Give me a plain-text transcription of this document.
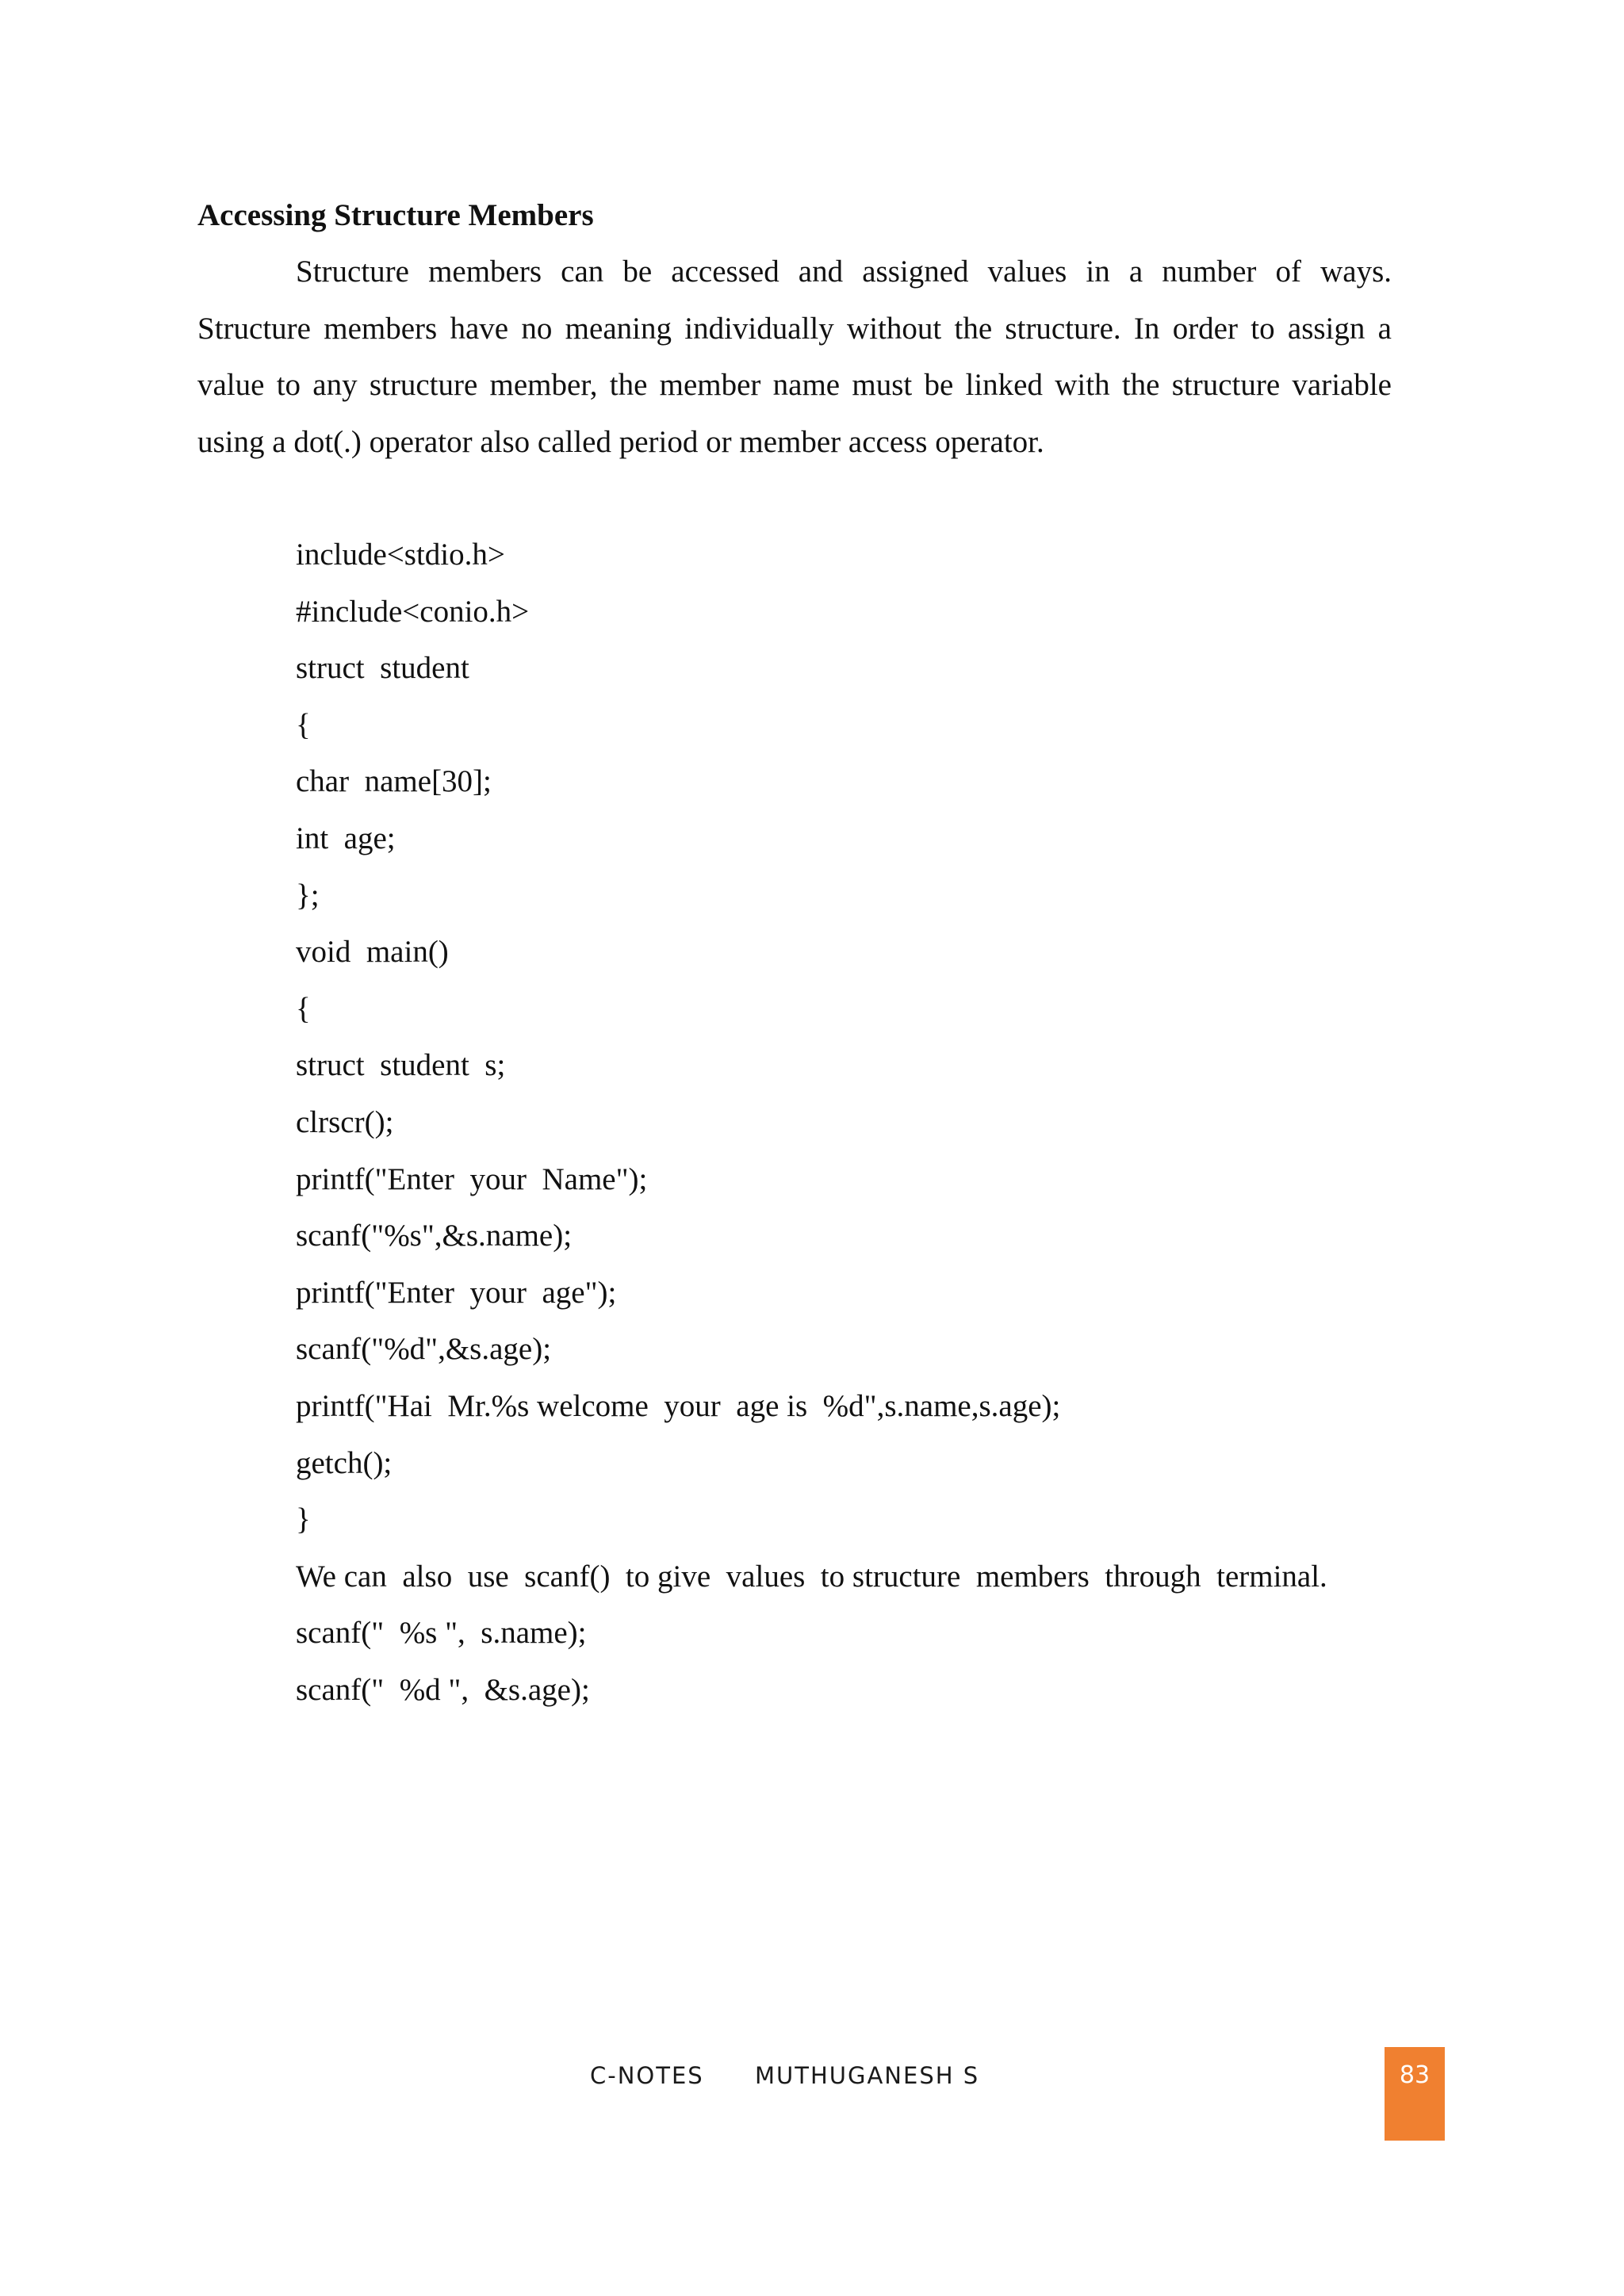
Accessing Structure Members
Structure members can be accessed and assigned values in a number of ways.
Structure members have no meaning individually without the structure. In order to assign a
value to any structure member, the member name must be linked with the structure variable
using a dot(.) operator also called period or member access operator.
include<stdio.h>
#include<conio.h>
struct  student
{
char  name[30];
int  age;
};
void  main()
{
struct  student  s;
clrscr();
printf("Enter  your  Name");
scanf("%s",&s.name);
printf("Enter  your  age");
scanf("%d",&s.age);
printf("Hai  Mr.%s welcome  your  age is  %d",s.name,s.age);
getch();
}
We can  also  use  scanf()  to give  values  to structure  members  through  terminal.
scanf("  %s ",  s.name);
scanf("  %d ",  &s.age);
C-NOTES MUTHUGANESH S	83
